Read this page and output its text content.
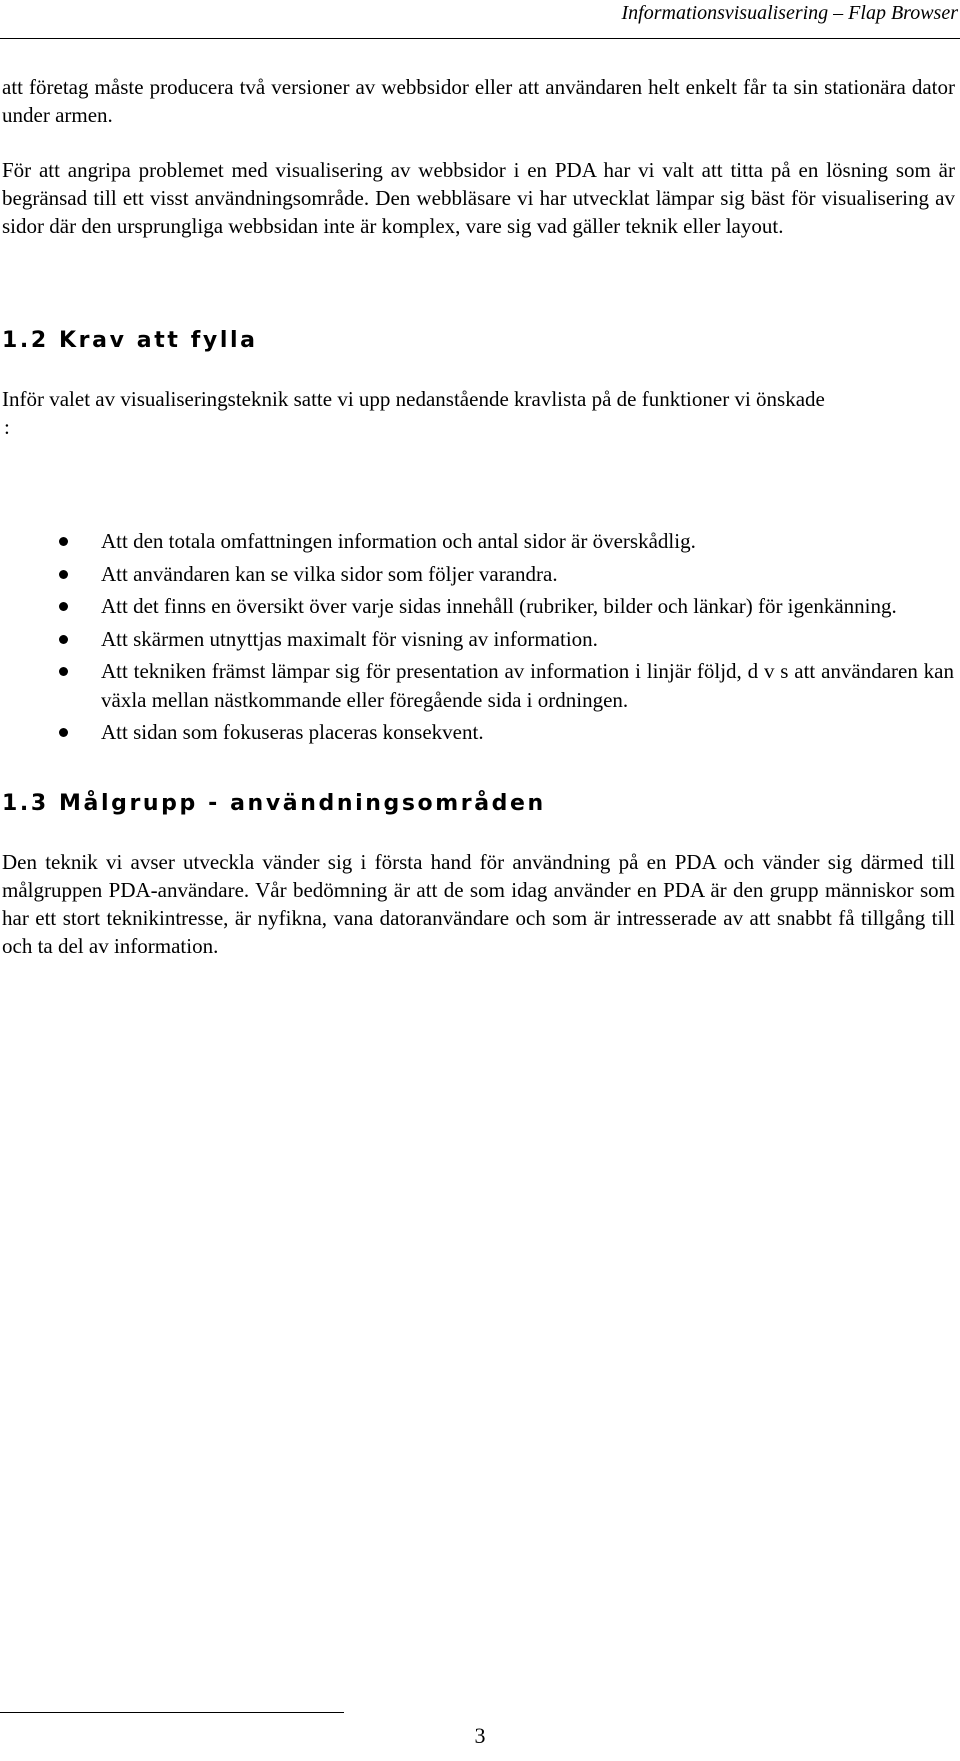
Informationsvisualisering – Flap Browser

att företag måste producera två versioner av webbsidor eller att användaren helt enkelt får ta sin stationära dator under armen.

För att angripa problemet med visualisering av webbsidor i en PDA har vi valt att titta på en lösning som är begränsad till ett visst användningsområde. Den webbläsare vi har utvecklat lämpar sig bäst för visualisering av sidor där den ursprungliga webbsidan inte är komplex, vare sig vad gäller teknik eller layout.

1.2 Krav att fylla

Inför valet av visualiseringsteknik satte vi upp nedanstående kravlista på de funktioner vi önskade

:
Att den totala omfattningen information och antal sidor är överskådlig.
Att användaren kan se vilka sidor som följer varandra.
Att det finns en översikt över varje sidas innehåll (rubriker, bilder och länkar) för igenkänning.
Att skärmen utnyttjas maximalt för visning av information.
Att tekniken främst lämpar sig för presentation av information i linjär följd, d v s att användaren kan växla mellan nästkommande eller föregående sida i ordningen.
Att sidan som fokuseras placeras konsekvent.
1.3 Målgrupp - användningsområden

Den teknik vi avser utveckla vänder sig i första hand för användning på en PDA och vänder sig därmed till målgruppen PDA-användare. Vår bedömning är att de som idag använder en PDA är den grupp människor som har ett stort teknikintresse, är nyfikna, vana datoranvändare och som är intresserade av att snabbt få tillgång till och ta del av information.

3
